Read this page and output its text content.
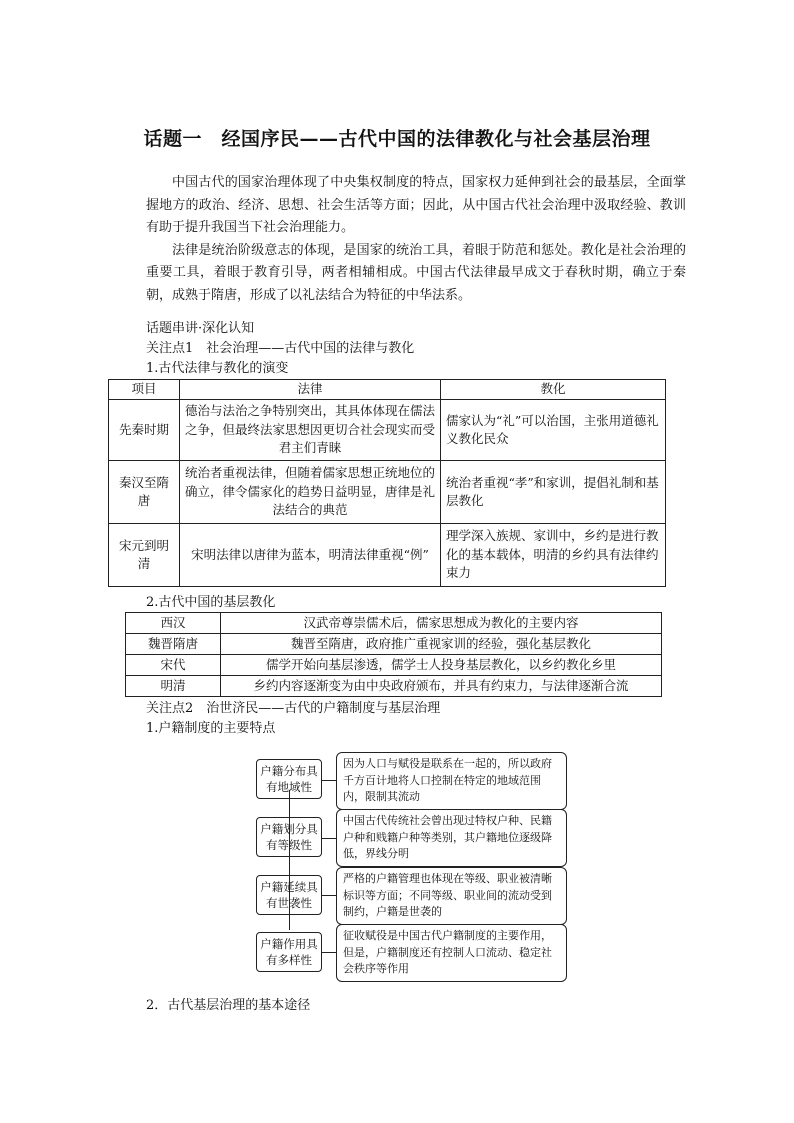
话题一　经国序民——古代中国的法律教化与社会基层治理

中国古代的国家治理体现了中央集权制度的特点，国家权力延伸到社会的最基层，全面掌握地方的政治、经济、思想、社会生活等方面；因此，从中国古代社会治理中汲取经验、教训有助于提升我国当下社会治理能力。

法律是统治阶级意志的体现，是国家的统治工具，着眼于防范和惩处。教化是社会治理的重要工具，着眼于教育引导，两者相辅相成。中国古代法律最早成文于春秋时期，确立于秦朝，成熟于隋唐，形成了以礼法结合为特征的中华法系。

话题串讲·深化认知
关注点1　社会治理——古代中国的法律与教化
1.古代法律与教化的演变
项目	法律	教化
先秦时期	德治与法治之争特别突出，其具体体现在儒法之争，但最终法家思想因更切合社会现实而受君主们青睐	儒家认为“礼”可以治国，主张用道德礼义教化民众
秦汉至隋唐	统治者重视法律，但随着儒家思想正统地位的确立，律令儒家化的趋势日益明显，唐律是礼法结合的典范	统治者重视“孝”和家训，提倡礼制和基层教化
宋元到明清	宋明法律以唐律为蓝本，明清法律重视“例”	理学深入族规、家训中，乡约是进行教化的基本载体，明清的乡约具有法律约束力
2.古代中国的基层教化
西汉	汉武帝尊崇儒术后，儒家思想成为教化的主要内容
魏晋隋唐	魏晋至隋唐，政府推广重视家训的经验，强化基层教化
宋代	儒学开始向基层渗透，儒学士人投身基层教化，以乡约教化乡里
明清	乡约内容逐渐变为由中央政府颁布，并具有约束力，与法律逐渐合流
关注点2　治世济民——古代的户籍制度与基层治理
1.户籍制度的主要特点
户籍分布具有地域性
因为人口与赋役是联系在一起的，所以政府千方百计地将人口控制在特定的地域范围内，限制其流动
户籍划分具有等级性
中国古代传统社会曾出现过特权户种、民籍户种和贱籍户种等类别，其户籍地位逐级降低，界线分明
户籍延续具有世袭性
严格的户籍管理也体现在等级、职业被清晰标识等方面；不同等级、职业间的流动受到制约，户籍是世袭的
户籍作用具有多样性
征收赋役是中国古代户籍制度的主要作用，但是，户籍制度还有控制人口流动、稳定社会秩序等作用
2．古代基层治理的基本途径
